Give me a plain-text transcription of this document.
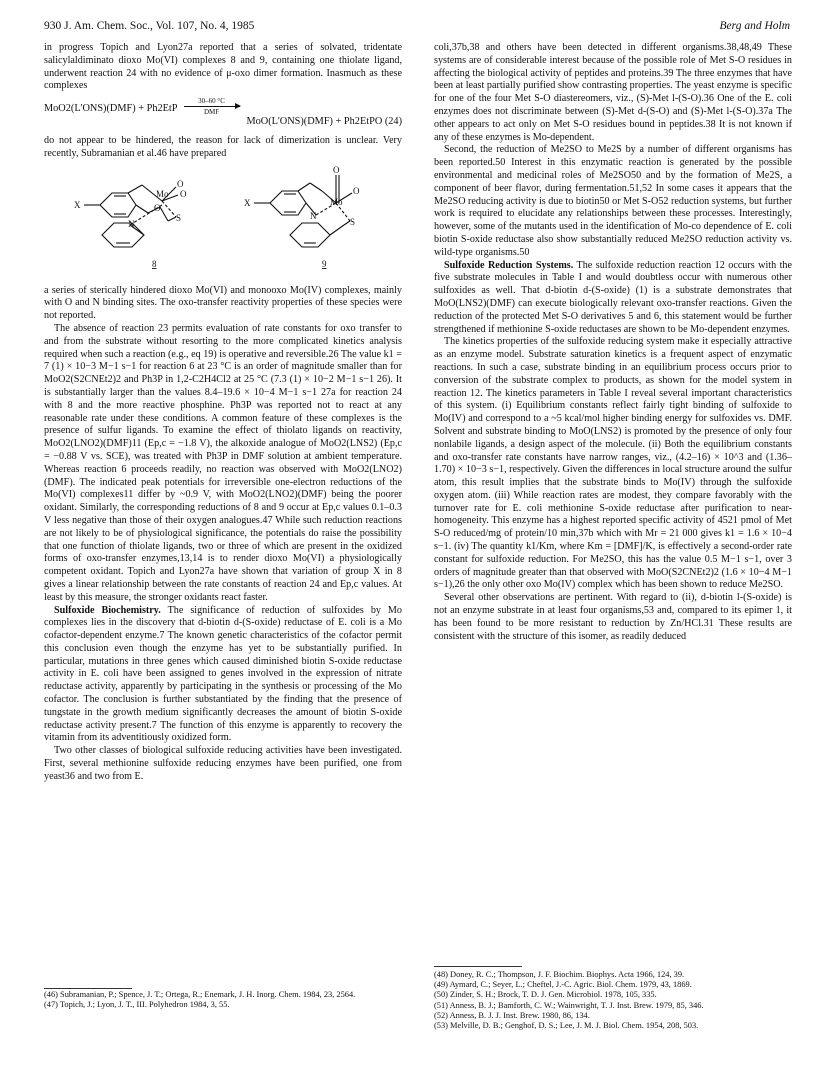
930 J. Am. Chem. Soc., Vol. 107, No. 4, 1985	Berg and Holm

in progress Topich and Lyon27a reported that a series of solvated, tridentate salicylaldiminato dioxo Mo(VI) complexes 8 and 9, containing one thiolate ligand, underwent reaction 24 with no evidence of μ-oxo dimer formation. Inasmuch as these complexes

MoO2(L'ONS)(DMF) + Ph2EtP
30–60 °C
DMF
MoO(L'ONS)(DMF) + Ph2EtPO (24)

do not appear to be hindered, the reason for lack of dimerization is unclear. Very recently, Subramanian et al.46 have prepared

X
Mo
O
O
S
O
N
X	Mo
O
O
S
N
8	9

a series of sterically hindered dioxo Mo(VI) and monooxo Mo(IV) complexes, mainly with O and N binding sites. The oxo-transfer reactivity properties of these species were not reported.

The absence of reaction 23 permits evaluation of rate constants for oxo transfer to and from the substrate without resorting to the more complicated kinetics analysis required when such a reaction (e.g., eq 19) is operative and reversible.26 The value k1 = 7 (1) × 10−3 M−1 s−1 for reaction 6 at 23 °C is an order of magnitude smaller than for MoO2(S2CNEt2)2 and Ph3P in 1,2-C2H4Cl2 at 25 °C (7.3 (1) × 10−2 M−1 s−1 26). It is substantially larger than the values 8.4–19.6 × 10−4 M−1 s−1 27a for reaction 24 with 8 and the more reactive phosphine. Ph3P was reported not to react at any reasonable rate under these conditions. A common feature of these complexes is the presence of sulfur ligands. To examine the effect of thiolato ligands on reactivity, MoO2(LNO2)(DMF)11 (Ep,c = −1.8 V), the alkoxide analogue of MoO2(LNS2) (Ep,c = −0.88 V vs. SCE), was treated with Ph3P in DMF solution at ambient temperature. Whereas reaction 6 proceeds readily, no reaction was observed with MoO2(LNO2)(DMF). The indicated peak potentials for irreversible one-electron reductions of the Mo(VI) complexes11 differ by ~0.9 V, with MoO2(LNO2)(DMF) being the poorer oxidant. Similarly, the corresponding reductions of 8 and 9 occur at Ep,c values 0.1–0.3 V less negative than those of their oxygen analogues.47 While such reduction reactions are not likely to be of physiological significance, the potentials do raise the possibility that one function of thiolate ligands, two or three of which are present in the oxidized forms of oxo-transfer enzymes,13,14 is to render dioxo Mo(VI) a physiologically competent oxidant. Topich and Lyon27a have shown that variation of group X in 8 gives a linear relationship between the rate constants of reaction 24 and Ep,c values. At least by this measure, the stronger oxidants react faster.

Sulfoxide Biochemistry. The significance of reduction of sulfoxides by Mo complexes lies in the discovery that d-biotin d-(S-oxide) reductase of E. coli is a Mo cofactor-dependent enzyme.7 The known genetic characteristics of the cofactor permit this conclusion even though the enzyme has yet to be substantially purified. In particular, mutations in three genes which caused diminished biotin S-oxide reductase activity in E. coli have been assigned to genes involved in the expression of nitrate reductase activity, apparently by participating in the synthesis or processing of the Mo cofactor. The conclusion is further substantiated by the finding that the presence of tungstate in the growth medium significantly decreases the amount of biotin S-oxide reductase activity present.7 The function of this enzyme is apparently to recovery the vitamin from its adventitiously oxidized form.

Two other classes of biological sulfoxide reducing activities have been investigated. First, several methionine sulfoxide reducing enzymes have been purified, one from yeast36 and two from E.

coli,37b,38 and others have been detected in different organisms.38,48,49 These systems are of considerable interest because of the possible role of Met S-O residues in affecting the biological activity of peptides and proteins.39 The three enzymes that have been at least partially purified show contrasting properties. The yeast enzyme is specific for one of the four Met S-O diastereomers, viz., (S)-Met l-(S-O).36 One of the E. coli enzymes does not discriminate between (S)-Met d-(S-O) and (S)-Met l-(S-O).37a The other appears to act only on Met S-O residues bound in peptides.38 It is not known if any of these enzymes is Mo-dependent.

Second, the reduction of Me2SO to Me2S by a number of different organisms has been reported.50 Interest in this enzymatic reaction is generated by the possible environmental and medicinal roles of Me2SO50 and by the formation of Me2S, a component of beer flavor, during fermentation.51,52 In some cases it appears that the Me2SO reducing activity is due to biotin50 or Met S-O52 reduction systems, but further work is required to elucidate any relationships between these processes. Interestingly, however, some of the mutants used in the identification of Mo-co dependence of E. coli biotin S-oxide reductase also show substantially reduced Me2SO reduction activity vs. wild-type organisms.50

Sulfoxide Reduction Systems. The sulfoxide reduction reaction 12 occurs with the five substrate molecules in Table I and would doubtless occur with numerous other sulfoxides as well. That d-biotin d-(S-oxide) (1) is a substrate demonstrates that MoO(LNS2)(DMF) can execute biologically relevant oxo-transfer reactions. Given the reduction of the protected Met S-O derivatives 5 and 6, this statement would be further strengthened if methionine S-oxide reductases are shown to be Mo-dependent enzymes.

The kinetics properties of the sulfoxide reducing system make it especially attractive as an enzyme model. Substrate saturation kinetics is a frequent aspect of enzymatic reactions. In such a case, substrate binding in an equilibrium process occurs prior to conversion of the substrate complex to products, as shown for the model system in reaction 12. The kinetics parameters in Table I reveal several important characteristics of this system. (i) Equilibrium constants reflect fairly tight binding of sulfoxide to Mo(IV) and correspond to a ~5 kcal/mol higher binding energy for sulfoxides vs. DMF. Solvent and substrate binding to MoO(LNS2) is promoted by the presence of only four nonlabile ligands, a design aspect of the molecule. (ii) Both the equilibrium constants and oxo-transfer rate constants have narrow ranges, viz., (4.2–16) × 10^3 and (1.36–1.70) × 10−3 s−1, respectively. Given the differences in local structure around the sulfur atom, this result implies that the substrate binds to Mo(IV) through the sulfoxide oxygen atom. (iii) While reaction rates are modest, they compare favorably with the turnover rate for E. coli methionine S-oxide reductase after purification to near-homogeneity. This enzyme has a highest reported specific activity of 4521 pmol of Met S-O reduced/mg of protein/10 min,37b which with Mr = 21 000 gives k1 = 1.6 × 10−4 s−1. (iv) The quantity k1/Km, where Km = [DMF]/K, is effectively a second-order rate constant for sulfoxide reduction. For Me2SO, this has the value 0.5 M−1 s−1, over 3 orders of magnitude greater than that observed with MoO(S2CNEt2)2 (1.6 × 10−4 M−1 s−1),26 the only other oxo Mo(IV) complex which has been shown to reduce Me2SO.

Several other observations are pertinent. With regard to (ii), d-biotin l-(S-oxide) is not an enzyme substrate in at least four organisms,53 and, compared to its epimer 1, it has been found to be more resistant to reduction by Zn/HCl.31 These results are consistent with the structure of this isomer, as readily deduced

(46) Subramanian, P.; Spence, J. T.; Ortega, R.; Enemark, J. H. Inorg. Chem. 1984, 23, 2564.
(47) Topich, J.; Lyon, J. T., III. Polyhedron 1984, 3, 55.
(48) Doney, R. C.; Thompson, J. F. Biochim. Biophys. Acta 1966, 124, 39.
(49) Aymard, C.; Seyer, L.; Cheftel, J.-C. Agric. Biol. Chem. 1979, 43, 1869.
(50) Zinder, S. H.; Brock, T. D. J. Gen. Microbiol. 1978, 105, 335.
(51) Anness, B. J.; Bamforth, C. W.; Wainwright, T. J. Inst. Brew. 1979, 85, 346.
(52) Anness, B. J. J. Inst. Brew. 1980, 86, 134.
(53) Melville, D. B.; Genghof, D. S.; Lee, J. M. J. Biol. Chem. 1954, 208, 503.
